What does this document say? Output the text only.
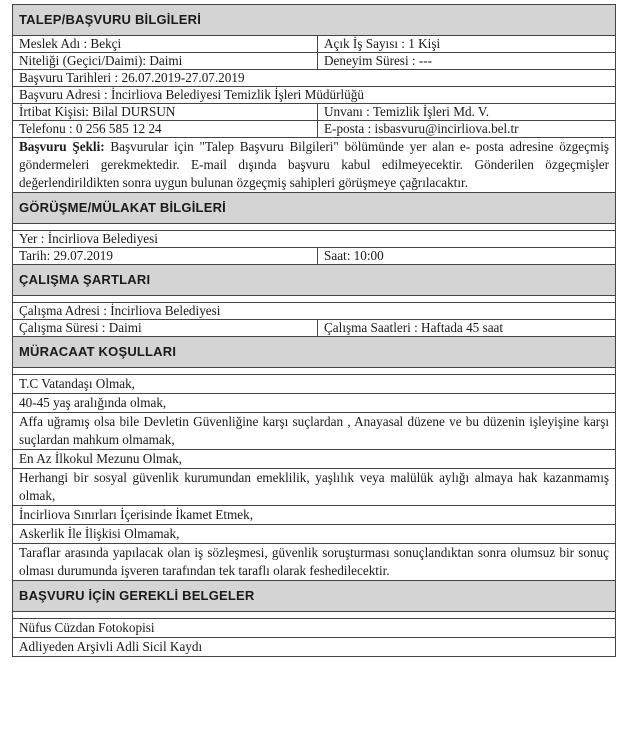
TALEP/BAŞVURU BİLGİLERİ
Meslek Adı : Bekçi	Açık İş Sayısı : 1 Kişi
Niteliği (Geçici/Daimi): Daimi	Deneyim Süresi : ---
Başvuru Tarihleri : 26.07.2019-27.07.2019
Başvuru Adresi : İncirliova Belediyesi Temizlik İşleri Müdürlüğü
İrtibat Kişisi: Bilal DURSUN	Unvanı : Temizlik İşleri Md. V.
Telefonu : 0 256 585 12 24	E-posta : isbasvuru@incirliova.bel.tr
Başvuru Şekli: Başvurular için "Talep Başvuru Bilgileri" bölümünde yer alan e- posta adresine özgeçmiş göndermeleri gerekmektedir. E-mail dışında başvuru kabul edilmeyecektir. Gönderilen özgeçmişler değerlendirildikten sonra uygun bulunan özgeçmiş sahipleri görüşmeye çağrılacaktır.
GÖRÜŞME/MÜLAKAT BİLGİLERİ
Yer : İncirliova Belediyesi
Tarih: 29.07.2019	Saat: 10:00
ÇALIŞMA ŞARTLARI
Çalışma Adresi : İncirliova Belediyesi
Çalışma Süresi : Daimi	Çalışma Saatleri : Haftada 45 saat
MÜRACAAT KOŞULLARI
T.C Vatandaşı Olmak,
40-45 yaş aralığında olmak,
Affa uğramış olsa bile Devletin Güvenliğine karşı suçlardan , Anayasal düzene ve bu düzenin işleyişine karşı suçlardan mahkum olmamak,
En Az İlkokul Mezunu Olmak,
Herhangi bir sosyal güvenlik kurumundan emeklilik, yaşlılık veya malülük aylığı almaya hak kazanmamış olmak,
İncirliova Sınırları İçerisinde İkamet Etmek,
Askerlik İle İlişkisi Olmamak,
Taraflar arasında yapılacak olan iş sözleşmesi, güvenlik soruşturması sonuçlandıktan sonra olumsuz bir sonuç olması durumunda işveren tarafından tek taraflı olarak feshedilecektir.
BAŞVURU İÇİN GEREKLİ BELGELER
Nüfus Cüzdan Fotokopisi
Adliyeden Arşivli Adli Sicil Kaydı
